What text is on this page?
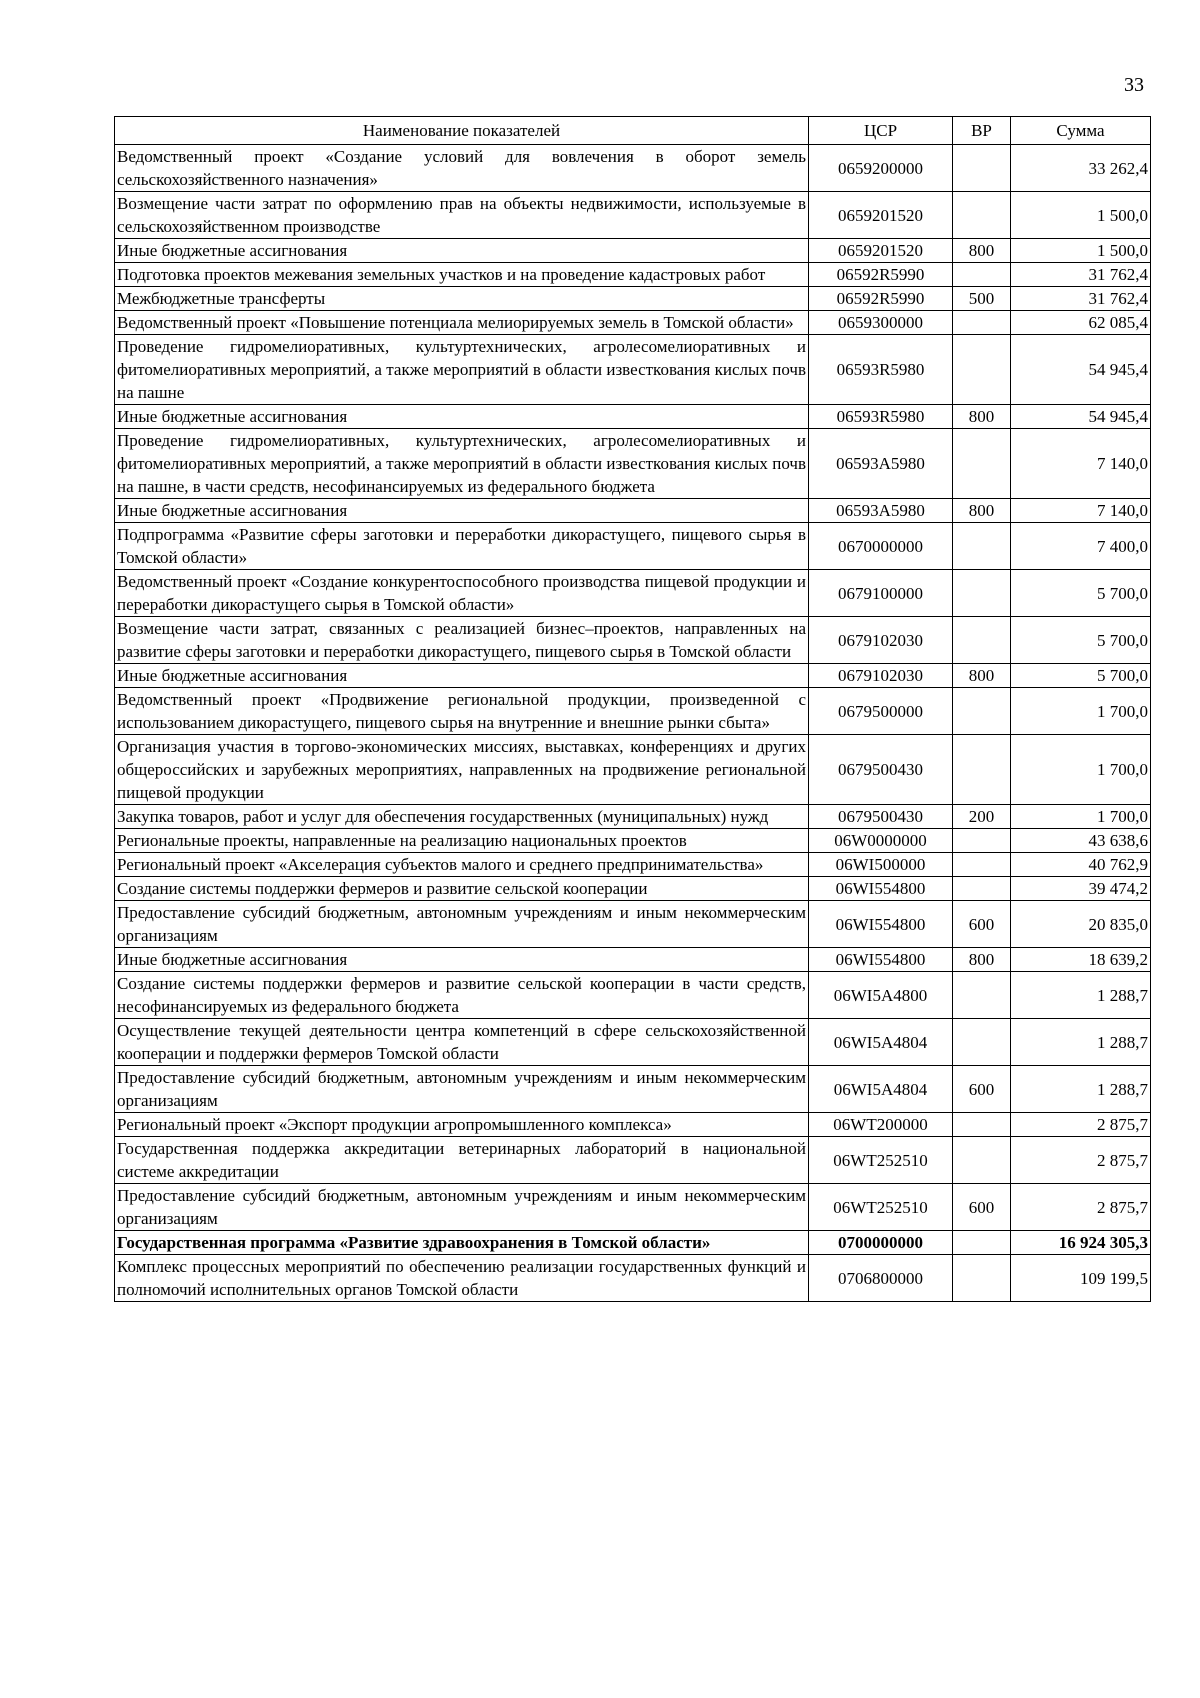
33
Наименование показателей	ЦСР	ВР	Сумма
Ведомственный проект «Создание условий для вовлечения в оборот земель сельскохозяйственного назначения»	0659200000		33 262,4
Возмещение части затрат по оформлению прав на объекты недвижимости, используемые в сельскохозяйственном производстве	0659201520		1 500,0
Иные бюджетные ассигнования	0659201520	800	1 500,0
Подготовка проектов межевания земельных участков и на проведение кадастровых работ	06592R5990		31 762,4
Межбюджетные трансферты	06592R5990	500	31 762,4
Ведомственный проект «Повышение потенциала мелиорируемых земель в Томской области»	0659300000		62 085,4
Проведение гидромелиоративных, культуртехнических, агролесомелиоративных и фитомелиоративных мероприятий, а также мероприятий в области известкования кислых почв на пашне	06593R5980		54 945,4
Иные бюджетные ассигнования	06593R5980	800	54 945,4
Проведение гидромелиоративных, культуртехнических, агролесомелиоративных и фитомелиоративных мероприятий, а также мероприятий в области известкования кислых почв на пашне, в части средств, несофинансируемых из федерального бюджета	06593А5980		7 140,0
Иные бюджетные ассигнования	06593А5980	800	7 140,0
Подпрограмма «Развитие сферы заготовки и переработки дикорастущего, пищевого сырья в Томской области»	0670000000		7 400,0
Ведомственный проект «Создание конкурентоспособного производства пищевой продукции и переработки дикорастущего сырья в Томской области»	0679100000		5 700,0
Возмещение части затрат, связанных с реализацией бизнес–проектов, направленных на развитие сферы заготовки и переработки дикорастущего, пищевого сырья в Томской области	0679102030		5 700,0
Иные бюджетные ассигнования	0679102030	800	5 700,0
Ведомственный проект «Продвижение региональной продукции, произведенной с использованием дикорастущего, пищевого сырья на внутренние и внешние рынки сбыта»	0679500000		1 700,0
Организация участия в торгово-экономических миссиях, выставках, конференциях и других общероссийских и зарубежных мероприятиях, направленных на продвижение региональной пищевой продукции	0679500430		1 700,0
Закупка товаров, работ и услуг для обеспечения государственных (муниципальных) нужд	0679500430	200	1 700,0
Региональные проекты, направленные на реализацию национальных проектов	06W0000000		43 638,6
Региональный проект «Акселерация субъектов малого и среднего предпринимательства»	06WI500000		40 762,9
Создание системы поддержки фермеров и развитие сельской кооперации	06WI554800		39 474,2
Предоставление субсидий бюджетным, автономным учреждениям и иным некоммерческим организациям	06WI554800	600	20 835,0
Иные бюджетные ассигнования	06WI554800	800	18 639,2
Создание системы поддержки фермеров и развитие сельской кооперации в части средств, несофинансируемых из федерального бюджета	06WI5А4800		1 288,7
Осуществление текущей деятельности центра компетенций в сфере сельскохозяйственной кооперации и поддержки фермеров Томской области	06WI5А4804		1 288,7
Предоставление субсидий бюджетным, автономным учреждениям и иным некоммерческим организациям	06WI5А4804	600	1 288,7
Региональный проект «Экспорт продукции агропромышленного комплекса»	06WT200000		2 875,7
Государственная поддержка аккредитации ветеринарных лабораторий в национальной системе аккредитации	06WT252510		2 875,7
Предоставление субсидий бюджетным, автономным учреждениям и иным некоммерческим организациям	06WT252510	600	2 875,7
Государственная программа «Развитие здравоохранения в Томской области»	0700000000		16 924 305,3
Комплекс процессных мероприятий по обеспечению реализации государственных функций и полномочий исполнительных органов Томской области	0706800000		109 199,5
